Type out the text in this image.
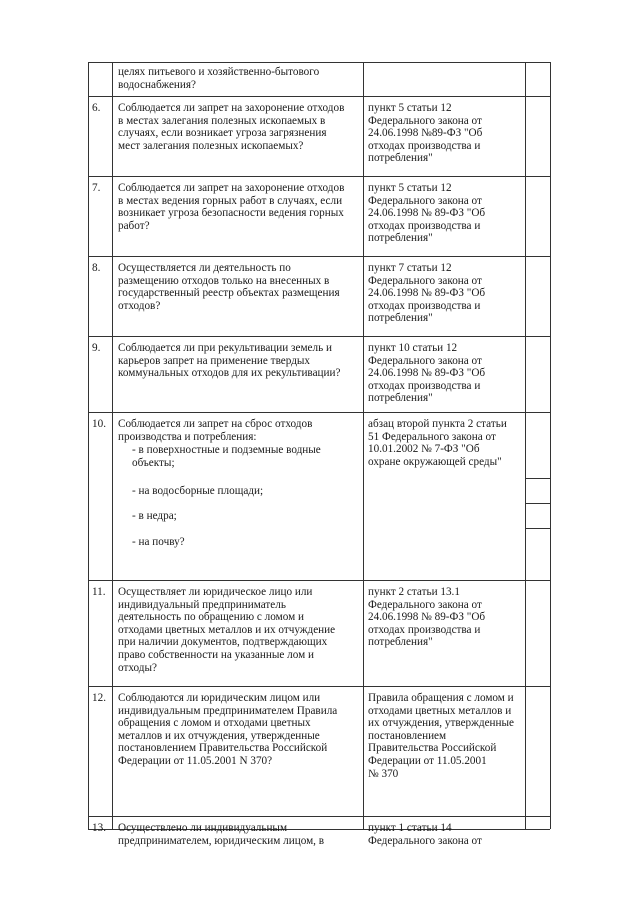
целях питьевого и хозяйственно-бытового
водоснабжения?
6. Соблюдается ли запрет на захоронение отходов
в местах залегания полезных ископаемых в
случаях, если возникает угроза загрязнения
мест залегания полезных ископаемых?
пункт 5 статьи 12
Федерального закона от
24.06.1998 №89-ФЗ "Об
отходах производства и
потребления"
7. Соблюдается ли запрет на захоронение отходов
в местах ведения горных работ в случаях, если
возникает угроза безопасности ведения горных
работ?
пункт 5 статьи 12
Федерального закона от
24.06.1998 № 89-ФЗ "Об
отходах производства и
потребления"
8. Осуществляется ли деятельность по
размещению отходов только на внесенных в
государственный реестр объектах размещения
отходов?
пункт 7 статьи 12
Федерального закона от
24.06.1998 № 89-ФЗ "Об
отходах производства и
потребления"
9. Соблюдается ли при рекультивации земель и
карьеров запрет на применение твердых
коммунальных отходов для их рекультивации?
пункт 10 статьи 12
Федерального закона от
24.06.1998 № 89-ФЗ "Об
отходах производства и
потребления"
10. Соблюдается ли запрет на сброс отходов
производства и потребления:
- в поверхностные и подземные водные
объекты;
- на водосборные площади;
- в недра;
- на почву?
абзац второй пункта 2 статьи
51 Федерального закона от
10.01.2002 № 7-ФЗ "Об
охране окружающей среды"
11. Осуществляет ли юридическое лицо или
индивидуальный предприниматель
деятельность по обращению с ломом и
отходами цветных металлов и их отчуждение
при наличии документов, подтверждающих
право собственности на указанные лом и
отходы?
пункт 2 статьи 13.1
Федерального закона от
24.06.1998 № 89-ФЗ "Об
отходах производства и
потребления"
12. Соблюдаются ли юридическим лицом или
индивидуальным предпринимателем Правила
обращения с ломом и отходами цветных
металлов и их отчуждения, утвержденные
постановлением Правительства Российской
Федерации от 11.05.2001 N 370?
Правила обращения с ломом и
отходами цветных металлов и
их отчуждения, утвержденные
постановлением
Правительства Российской
Федерации от 11.05.2001
№ 370
13. Осуществлено ли индивидуальным
предпринимателем, юридическим лицом, в
пункт 1 статьи 14
Федерального закона от
